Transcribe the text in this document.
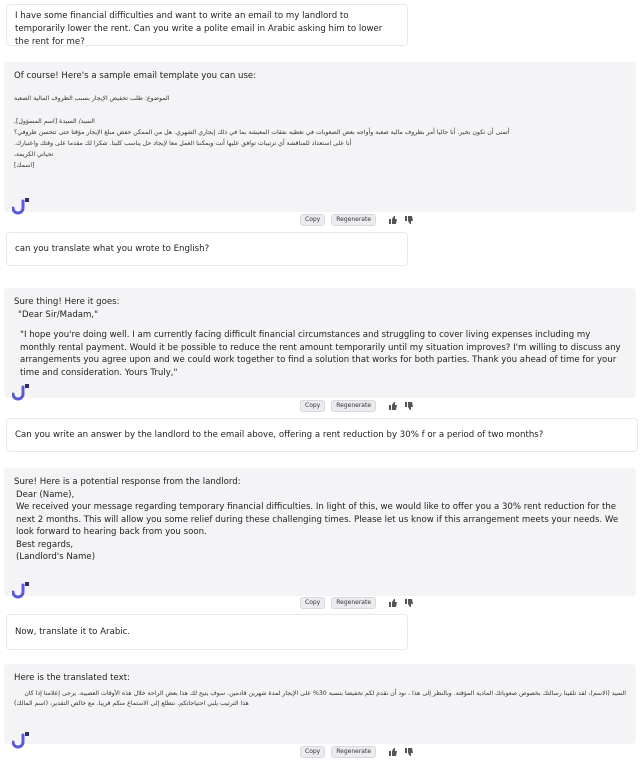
I have some financial difficulties and want to write an email to my landlord to temporarily lower the rent. Can you write a polite email in Arabic asking him to lower the rent for me?

Of course! Here's a sample email template you can use:

الموضوع: طلب تخفيض الإيجار بسبب الظروف المالية الصعبة

السيد/ السيدة [اسم المسؤول],

أتمنى أن تكون بخير. أنا حاليا أمر بظروف مالية صعبة وأواجه بعض الصعوبات في تغطية نفقات المعيشة بما في ذلك إيجاري الشهري. هل من الممكن خفض مبلغ الإيجار مؤقتا حتى تتحسن ظروفي؟

أنا على استعداد للمناقشة أي ترتيبات توافق عليها أنت ويمكننا العمل معا لإيجاد حل يناسب كلينا. شكرا لك مقدما على وقتك واعتبارك.

تحياتي الكريمة،

[اسمك]

Copy	Regenerate
can you translate what you wrote to English?

Sure thing! Here it goes:

"Dear Sir/Madam,"

"I hope you're doing well. I am currently facing difficult financial circumstances and struggling to cover living expenses including my monthly rental payment. Would it be possible to reduce the rent amount temporarily until my situation improves? I'm willing to discuss any arrangements you agree upon and we could work together to find a solution that works for both parties. Thank you ahead of time for your time and consideration. Yours Truly,"

Copy	Regenerate
Can you write an answer by the landlord to the email above, offering a rent reduction by 30% f or a period of two months?

Sure! Here is a potential response from the landlord:

Dear (Name),

We received your message regarding temporary financial difficulties. In light of this, we would like to offer you a 30% rent reduction for the next 2 months. This will allow you some relief during these challenging times. Please let us know if this arrangement meets your needs. We look forward to hearing back from you soon.

Best regards,

(Landlord's Name)

Copy	Regenerate
Now, translate it to Arabic.

Here is the translated text:

السيد (الاسم)، لقد تلقينا رسالتك بخصوص صعوباتك المادية المؤقتة. وبالنظر إلى هذا ، نود أن نقدم لكم تخفيضا بنسبة 30% على الإيجار لمدة شهرين قادمين. سوف يتيح لك هذا بعض الراحة خلال هذه الأوقات العصيبة. يرجى إعلامنا إذا كان

هذا الترتيب يلبي احتياجاتكم. نتطلع إلى الاستماع منكم قريبا. مع خالص التقدير، (اسم المالك)

Copy	Regenerate
